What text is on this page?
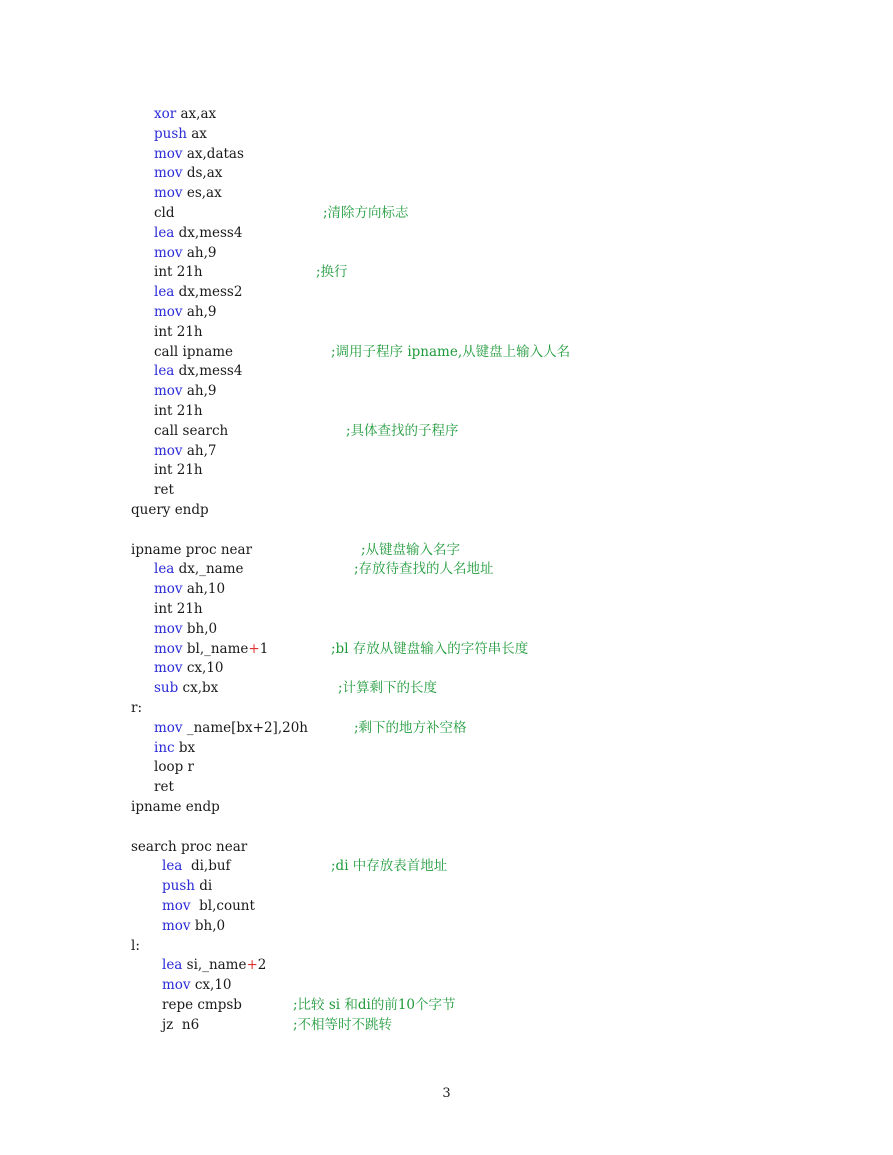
xor ax,ax
push ax
mov ax,datas
mov ds,ax
mov es,ax
cld	;清除方向标志
lea dx,mess4
mov ah,9
int 21h	;换行
lea dx,mess2
mov ah,9
int 21h
call ipname	;调用子程序 ipname,从键盘上输入人名
lea dx,mess4
mov ah,9
int 21h
call search	;具体查找的子程序
mov ah,7
int 21h
ret
query endp
ipname proc near	;从键盘输入名字
lea dx,_name	;存放待查找的人名地址
mov ah,10
int 21h
mov bh,0
mov bl,_name+1	;bl 存放从键盘输入的字符串长度
mov cx,10
sub cx,bx	;计算剩下的长度
r:
mov _name[bx+2],20h	;剩下的地方补空格
inc bx
loop r
ret
ipname endp
search proc near
lea  di,buf	;di 中存放表首地址
push di
mov  bl,count
mov bh,0
l:
lea si,_name+2
mov cx,10
repe cmpsb	;比较 si 和di的前10个字节
jz  n6	;不相等时不跳转
3
